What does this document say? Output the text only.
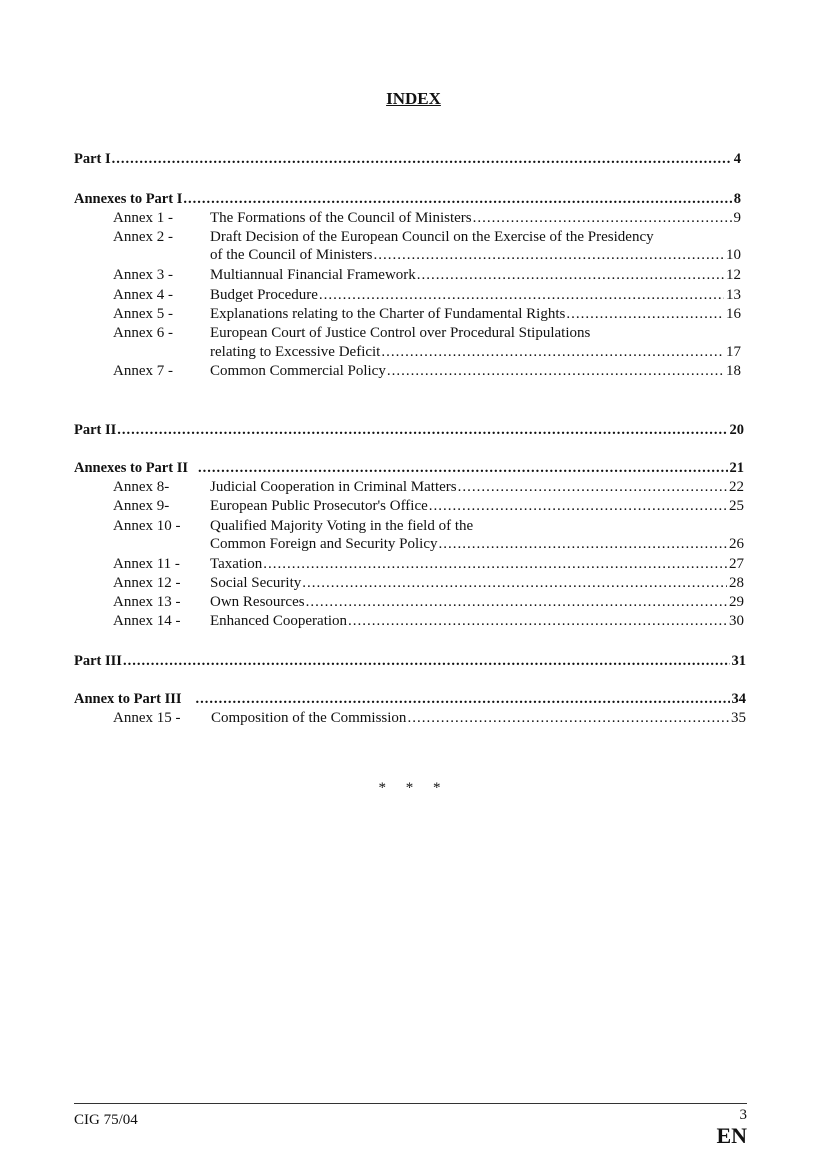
INDEX
Part I .....	4
Annexes to Part I .....	8
Annex 1 - The Formations of the Council of Ministers .....	9
Annex 2 - Draft Decision of the European Council on the Exercise of the Presidency
of the Council of Ministers .....	10
Annex 3 - Multiannual Financial Framework .....	12
Annex 4 - Budget Procedure .....	13
Annex 5 - Explanations relating to the Charter of Fundamental Rights .....	16
Annex 6 - European Court of Justice Control over Procedural Stipulations
relating to Excessive Deficit .....	17
Annex 7 - Common Commercial Policy .....	18
Part II .....	20
Annexes to Part II .....	21
Annex 8-	Judicial Cooperation in Criminal Matters .....	22
Annex 9-	European Public Prosecutor's Office .....	25
Annex 10 - Qualified Majority Voting in the field of the
Common Foreign and Security Policy .....	26
Annex 11 - Taxation .....	27
Annex 12 - Social Security .....	28
Annex 13 - Own Resources .....	29
Annex 14 - Enhanced Cooperation .....	30
Part III .....	31
Annex to Part III .....	34
Annex 15 - Composition of the Commission .....	35
* * *
CIG 75/04	3
EN
